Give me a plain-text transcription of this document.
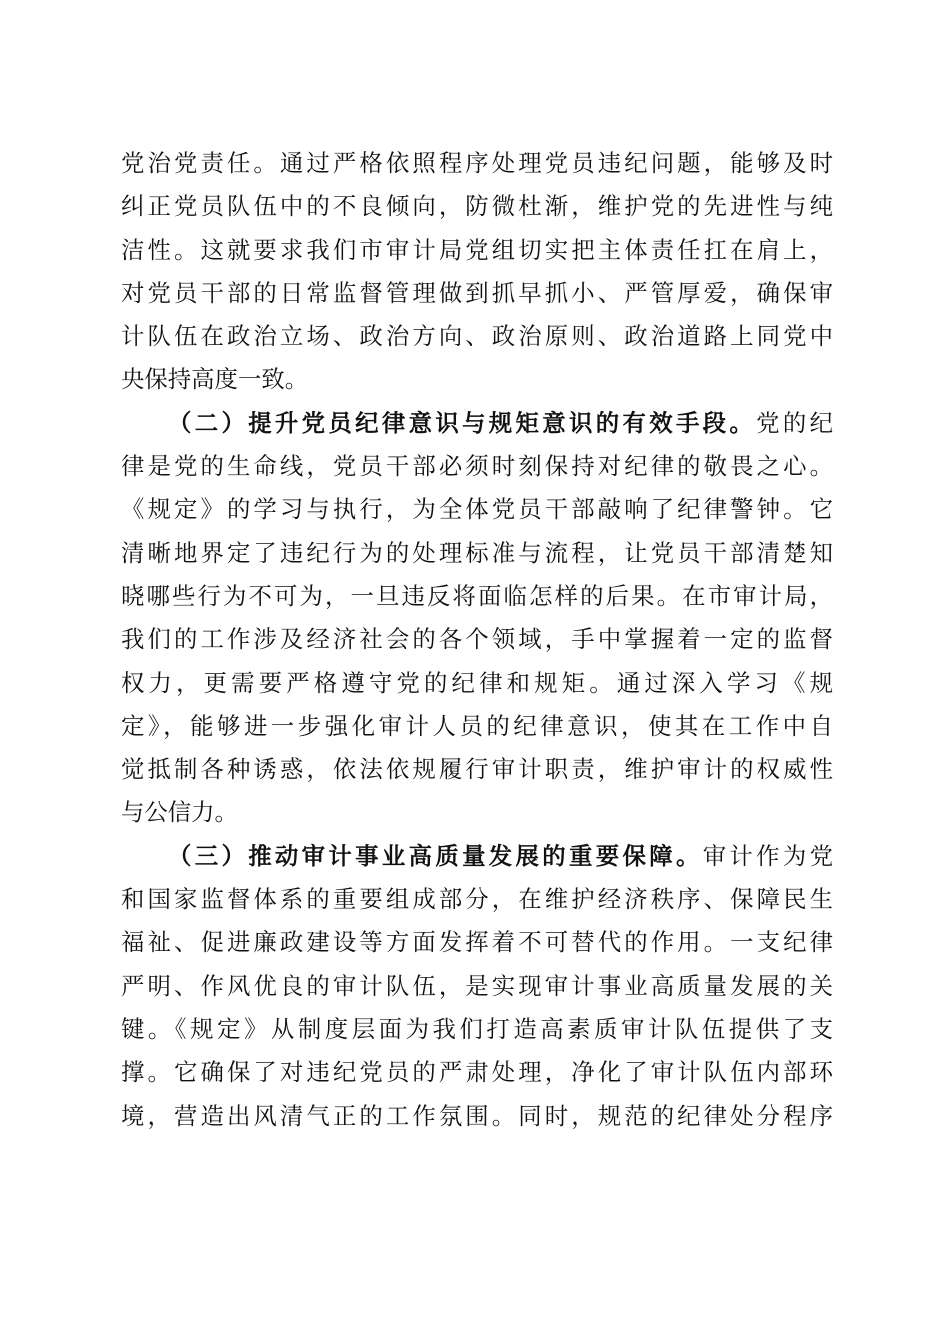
党治党责任。通过严格依照程序处理党员违纪问题，能够及时
纠正党员队伍中的不良倾向，防微杜渐，维护党的先进性与纯
洁性。这就要求我们市审计局党组切实把主体责任扛在肩上，
对党员干部的日常监督管理做到抓早抓小、严管厚爱，确保审
计队伍在政治立场、政治方向、政治原则、政治道路上同党中
央保持高度一致。
（二）提升党员纪律意识与规矩意识的有效手段。党的纪
律是党的生命线，党员干部必须时刻保持对纪律的敬畏之心。
《规定》的学习与执行，为全体党员干部敲响了纪律警钟。它
清晰地界定了违纪行为的处理标准与流程，让党员干部清楚知
晓哪些行为不可为，一旦违反将面临怎样的后果。在市审计局，
我们的工作涉及经济社会的各个领域，手中掌握着一定的监督
权力，更需要严格遵守党的纪律和规矩。通过深入学习《规
定》，能够进一步强化审计人员的纪律意识，使其在工作中自
觉抵制各种诱惑，依法依规履行审计职责，维护审计的权威性
与公信力。
（三）推动审计事业高质量发展的重要保障。审计作为党
和国家监督体系的重要组成部分，在维护经济秩序、保障民生
福祉、促进廉政建设等方面发挥着不可替代的作用。一支纪律
严明、作风优良的审计队伍，是实现审计事业高质量发展的关
键。《规定》从制度层面为我们打造高素质审计队伍提供了支
撑。它确保了对违纪党员的严肃处理，净化了审计队伍内部环
境，营造出风清气正的工作氛围。同时，规范的纪律处分程序
